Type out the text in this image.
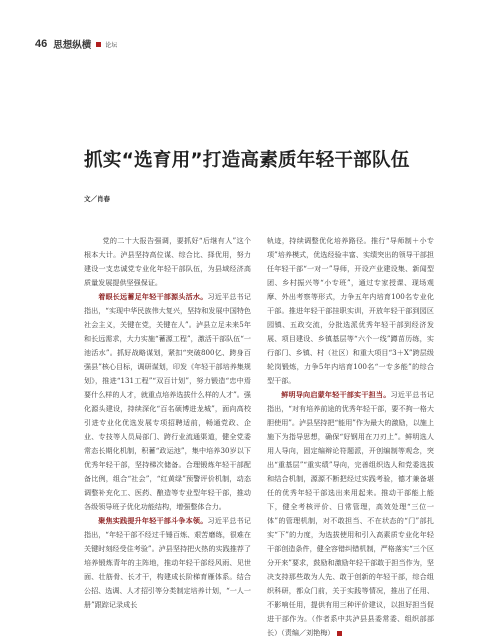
46 思想纵横 论坛
抓实“选育用”打造高素质年轻干部队伍
文／肖春

党的二十大报告强调，要抓好“后继有人”这个根本大计。泸县坚持高位谋、综合比、择优用，努力建设一支忠诚党专业化年轻干部队伍，为县域经济高质量发展提供坚强保证。

着眼长远蓄足年轻干部源头活水。习近平总书记指出，“实现中华民族伟大复兴，坚持和发展中国特色社会主义，关键在党，关键在人”。泸县立足未来5年和长远需求，大力实施“蓄源工程”，激活干部队伍“一池活水”。抓好战略谋划，紧扣“突破800亿、跨身百强县”核心目标，调研谋划，印发《年轻干部培养集规划》，推进“131工程”“双百计划”，努力锻造“忠中焉要什么样的人才，就重点培养选拔什么样的人才”。强化源头建设，持续深化“百名硕博进龙城”，面向高校引进专业化优选发展专项招聘适前，畅通党政、企业、专技等人员局部门、跨行业流通渠道，健全党委常态长期化机制，积蓄“政运池”，集中培养30岁以下优秀年轻干部，坚持梯次储备。合理锻炼年轻干部配备比例，组合“社会”，“红黄绿”预警评价机制，动态调整补充化工、医药、酿造等专业型年轻干部，推动各级领导班子优化功能结构，增强整体合力。

聚焦实践提升年轻干部斗争本领。习近平总书记指出，“年轻干部不经过千锤百炼、艰苦磨练，很难在关键时刻经受住考验”。泸县坚持把火热的实践推荐了培养锻炼青年的主阵地，推动年轻干部经风雨、见世面、壮筋骨、长才干，构建成长阶梯育雁体系。结合公招、选调、人才招引等分类制定培养计划，“一人一册”跟踪记录成长

轨迹，持续调整优化培养路径。推行“导师制＋小专项”培养模式，优选经验丰富、实绩突出的领导干部担任年轻干部“一对一”导师，开设产业建设集、新闻型团、乡村振兴等“小专班”，通过专家授课、现场观摩、外出考察等形式，力争五年内培育100名专业化干部。推进年轻干部挂职实训，开放年轻干部到园区园镇、五政交流，分批选派优秀年轻干部到经济发展、项目建设、乡镇基层等“六个一线”蹲苗历练，实行部门、乡镇、村（社区）和重大项目“3＋X”跨层级轮岗锻炼，力争5年内培育100名“一专多能”的综合型干部。

鲜明导向启蒙年轻干部实干担当。习近平总书记指出，“对有培养前途的优秀年轻干部，要不拘一格大胆使用”。泸县坚持把“能用”作为最大的激励，以施上施下为指导思想，确保“好钢用在刀刃上”。鲜明选人用人导向，固定编辩论符题派，开创编制等观念，突出“重基层”“重实绩”导向，完善组织选人和党委选拔和结合机制，源源不断把经过实践考验，德才兼备堪任的优秀年轻干部选出来用起来。推动干部能上能下，健全考核评价、日常管理，高效处理“三位一体”的管理机制，对不敢担当、不在状态的“门”部扎实“下”的力度，为选拔使用和引入高素质专业化年轻干部创造条件，健全容错纠错机制，严格落实“三个区分开来”要求，鼓励和激励年轻干部敢于担当作为，坚决支持那些敢为人先、敢于创新的年轻干部，综合组织科研，都众门前，关于实践等情况，推出了任用、不影响任用，提供有用三种评价建议，以担好担当促进干部作为。（作者系中共泸县县委常委、组织部部长）（责编／刘艳梅）
